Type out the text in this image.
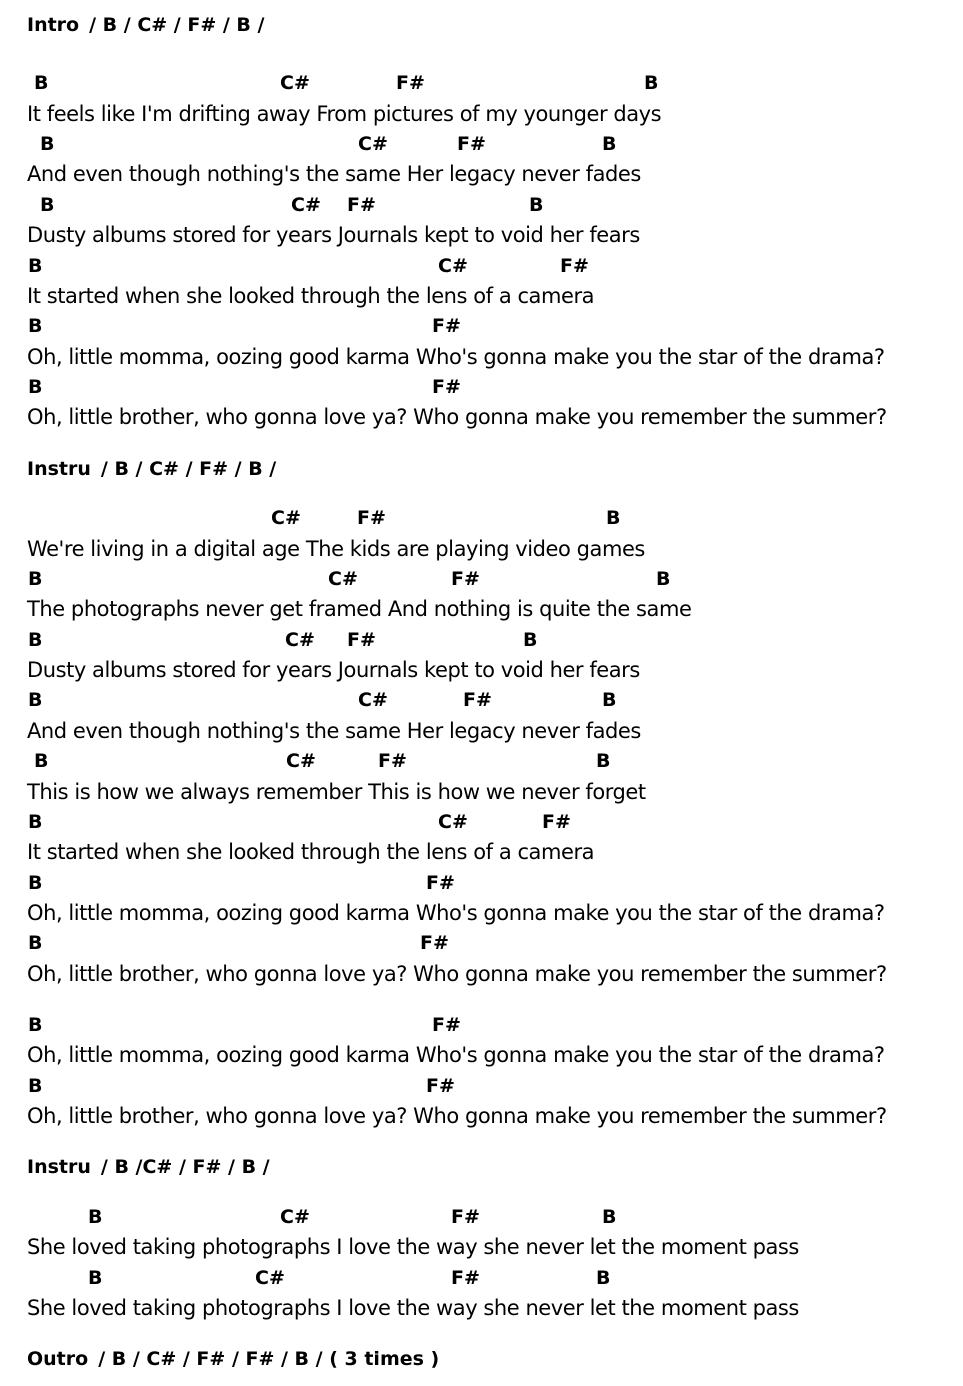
Intro / B / C# / F# / B /
B	C#	F#	B
It feels like I'm drifting away From pictures of my younger days
B	C#	F#	B
And even though nothing's the same Her legacy never fades
B	C# F#	B
Dusty albums stored for years Journals kept to void her fears
B	C#	F#
It started when she looked through the lens of a camera
B	F#
Oh, little momma, oozing good karma Who's gonna make you the star of the drama?
B	F#
Oh, little brother, who gonna love ya? Who gonna make you remember the summer?
Instru / B / C# / F# / B /
C#	F#	B
We're living in a digital age The kids are playing video games
B	C#	F#	B
The photographs never get framed And nothing is quite the same
B	C# F#	B
Dusty albums stored for years Journals kept to void her fears
B	C#	F#	B
And even though nothing's the same Her legacy never fades
B	C#	F#	B
This is how we always remember This is how we never forget
B	C#	F#
It started when she looked through the lens of a camera
B	F#
Oh, little momma, oozing good karma Who's gonna make you the star of the drama?
B	F#
Oh, little brother, who gonna love ya? Who gonna make you remember the summer?
B	F#
Oh, little momma, oozing good karma Who's gonna make you the star of the drama?
B	F#
Oh, little brother, who gonna love ya? Who gonna make you remember the summer?
Instru / B /C# / F# / B /
B	C#	F#	B
She loved taking photographs I love the way she never let the moment pass
B	C#	F#	B
She loved taking photographs I love the way she never let the moment pass
Outro / B / C# / F# / F# / B / ( 3 times )
